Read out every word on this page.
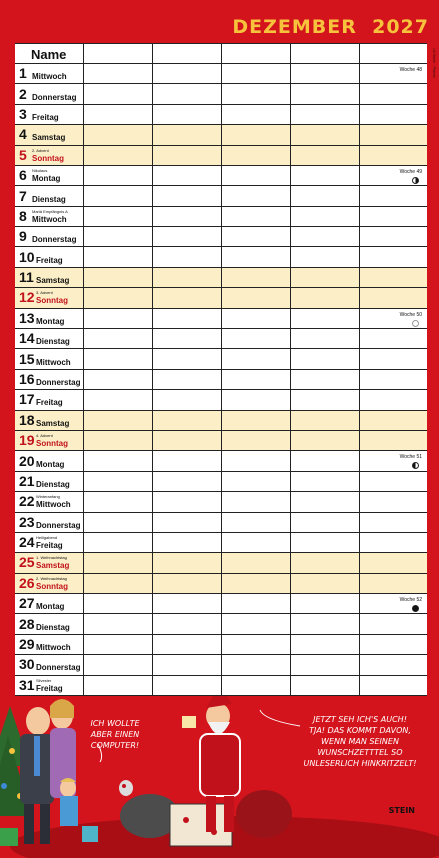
DEZEMBER  2027
Uli Stein · Planer
Name
1 Mittwoch
Woche 48
2 Donnerstag
3 Freitag
4 Samstag
5 Sonntag
2. Advent
6 Montag
Nikolaus	Woche 49
7 Dienstag
8 Mittwoch
Mariä Empfängnis A
9 Donnerstag
10 Freitag
11 Samstag
12 Sonntag
3. Advent
13 Montag
Woche 50
14 Dienstag
15 Mittwoch
16 Donnerstag
17 Freitag
18 Samstag
19 Sonntag
4. Advent
20 Montag
Woche 51
21 Dienstag
22 Mittwoch
Winteranfang
23 Donnerstag
24 Freitag
Heiligabend
25 Samstag
1. Weihnachtstag
26 Sonntag
2. Weihnachtstag
27 Montag
Woche 52
28 Dienstag
29 Mittwoch
30 Donnerstag
31 Freitag
Silvester
ICH WOLLTE
ABER EINEN
COMPUTER!
JETZT SEH ICH'S AUCH!
TJA! DAS KOMMT DAVON,
WENN MAN SEINEN
WUNSCHZETTTEL SO
UNLESERLICH HINKRITZELT!
STEIN
